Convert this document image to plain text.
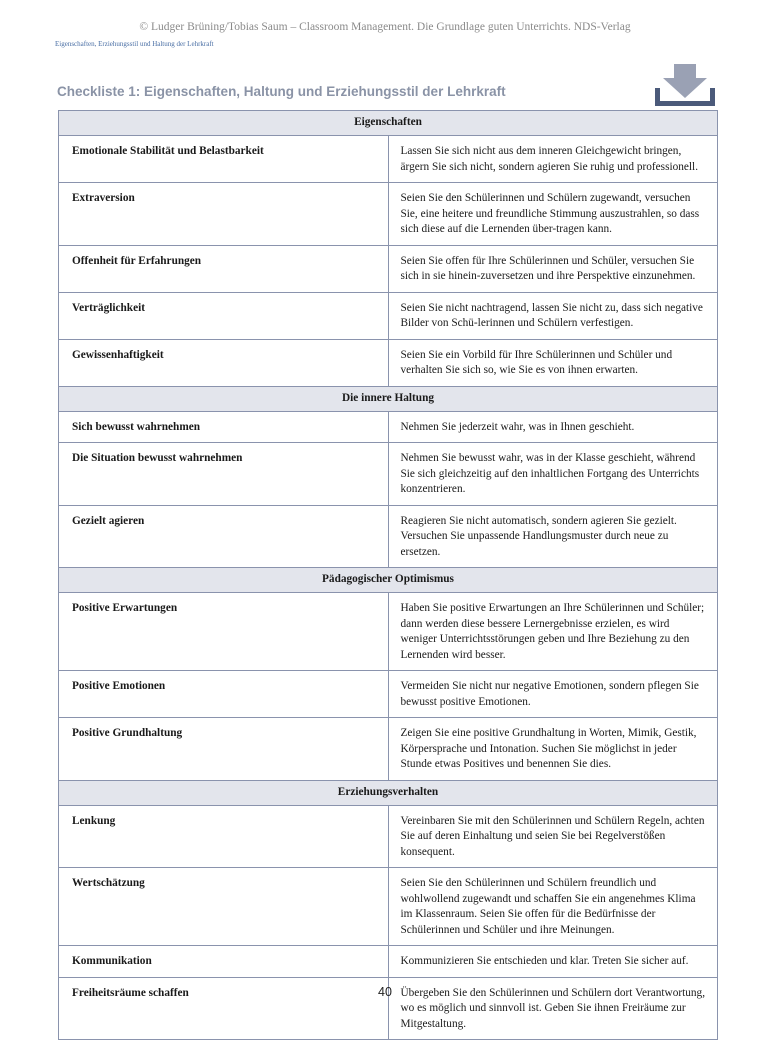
© Ludger Brüning/Tobias Saum – Classroom Management. Die Grundlage guten Unterrichts. NDS-Verlag
Eigenschaften, Erziehungsstil und Haltung der Lehrkraft
Checkliste 1: Eigenschaften, Haltung und Erziehungsstil der Lehrkraft
Eigenschaften	
Emotionale Stabilität und Belastbarkeit	Lassen Sie sich nicht aus dem inneren Gleichgewicht bringen, ärgern Sie sich nicht, sondern agieren Sie ruhig und professionell.
Extraversion	Seien Sie den Schülerinnen und Schülern zugewandt, versuchen Sie, eine heitere und freundliche Stimmung auszustrahlen, so dass sich diese auf die Lernenden über-tragen kann.
Offenheit für Erfahrungen	Seien Sie offen für Ihre Schülerinnen und Schüler, versuchen Sie sich in sie hinein-zuversetzen und ihre Perspektive einzunehmen.
Verträglichkeit	Seien Sie nicht nachtragend, lassen Sie nicht zu, dass sich negative Bilder von Schü-lerinnen und Schülern verfestigen.
Gewissenhaftigkeit	Seien Sie ein Vorbild für Ihre Schülerinnen und Schüler und verhalten Sie sich so, wie Sie es von ihnen erwarten.
Die innere Haltung	
Sich bewusst wahrnehmen	Nehmen Sie jederzeit wahr, was in Ihnen geschieht.
Die Situation bewusst wahrnehmen	Nehmen Sie bewusst wahr, was in der Klasse geschieht, während Sie sich gleichzeitig auf den inhaltlichen Fortgang des Unterrichts konzentrieren.
Gezielt agieren	Reagieren Sie nicht automatisch, sondern agieren Sie gezielt. Versuchen Sie unpassende Handlungsmuster durch neue zu ersetzen.
Pädagogischer Optimismus	
Positive Erwartungen	Haben Sie positive Erwartungen an Ihre Schülerinnen und Schüler; dann werden diese bessere Lernergebnisse erzielen, es wird weniger Unterrichtsstörungen geben und Ihre Beziehung zu den Lernenden wird besser.
Positive Emotionen	Vermeiden Sie nicht nur negative Emotionen, sondern pflegen Sie bewusst positive Emotionen.
Positive Grundhaltung	Zeigen Sie eine positive Grundhaltung in Worten, Mimik, Gestik, Körpersprache und Intonation. Suchen Sie möglichst in jeder Stunde etwas Positives und benennen Sie dies.
Erziehungsverhalten	
Lenkung	Vereinbaren Sie mit den Schülerinnen und Schülern Regeln, achten Sie auf deren Einhaltung und seien Sie bei Regelverstößen konsequent.
Wertschätzung	Seien Sie den Schülerinnen und Schülern freundlich und wohlwollend zugewandt und schaffen Sie ein angenehmes Klima im Klassenraum. Seien Sie offen für die Bedürfnisse der Schülerinnen und Schüler und ihre Meinungen.
Kommunikation	Kommunizieren Sie entschieden und klar. Treten Sie sicher auf.
Freiheitsräume schaffen	Übergeben Sie den Schülerinnen und Schülern dort Verantwortung, wo es möglich und sinnvoll ist. Geben Sie ihnen Freiräume zur Mitgestaltung.
40
